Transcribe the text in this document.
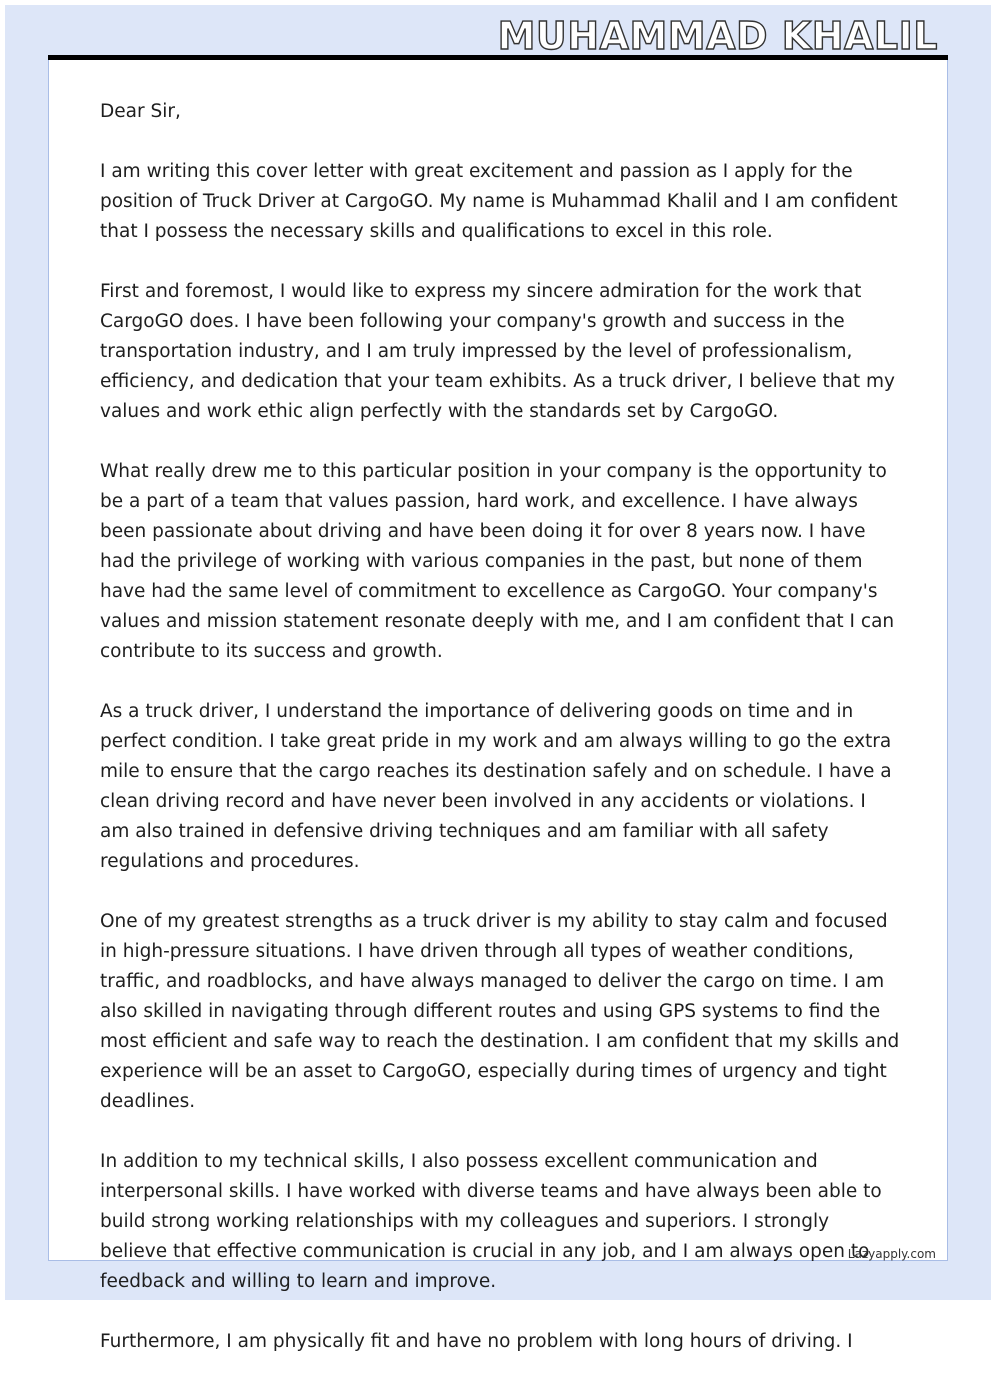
MUHAMMAD KHALIL

Dear Sir,

I am writing this cover letter with great excitement and passion as I apply for the position of Truck Driver at CargoGO. My name is Muhammad Khalil and I am confident that I possess the necessary skills and qualifications to excel in this role.

First and foremost, I would like to express my sincere admiration for the work that CargoGO does. I have been following your company's growth and success in the transportation industry, and I am truly impressed by the level of professionalism, efficiency, and dedication that your team exhibits. As a truck driver, I believe that my values and work ethic align perfectly with the standards set by CargoGO.

What really drew me to this particular position in your company is the opportunity to be a part of a team that values passion, hard work, and excellence. I have always been passionate about driving and have been doing it for over 8 years now. I have had the privilege of working with various companies in the past, but none of them have had the same level of commitment to excellence as CargoGO. Your company's values and mission statement resonate deeply with me, and I am confident that I can contribute to its success and growth.

As a truck driver, I understand the importance of delivering goods on time and in perfect condition. I take great pride in my work and am always willing to go the extra mile to ensure that the cargo reaches its destination safely and on schedule. I have a clean driving record and have never been involved in any accidents or violations. I am also trained in defensive driving techniques and am familiar with all safety regulations and procedures.

One of my greatest strengths as a truck driver is my ability to stay calm and focused in high-pressure situations. I have driven through all types of weather conditions, traffic, and roadblocks, and have always managed to deliver the cargo on time. I am also skilled in navigating through different routes and using GPS systems to find the most efficient and safe way to reach the destination. I am confident that my skills and experience will be an asset to CargoGO, especially during times of urgency and tight deadlines.

In addition to my technical skills, I also possess excellent communication and interpersonal skills. I have worked with diverse teams and have always been able to build strong working relationships with my colleagues and superiors. I strongly believe that effective communication is crucial in any job, and I am always open to feedback and willing to learn and improve.

Furthermore, I am physically fit and have no problem with long hours of driving. I

Lazyapply.com
